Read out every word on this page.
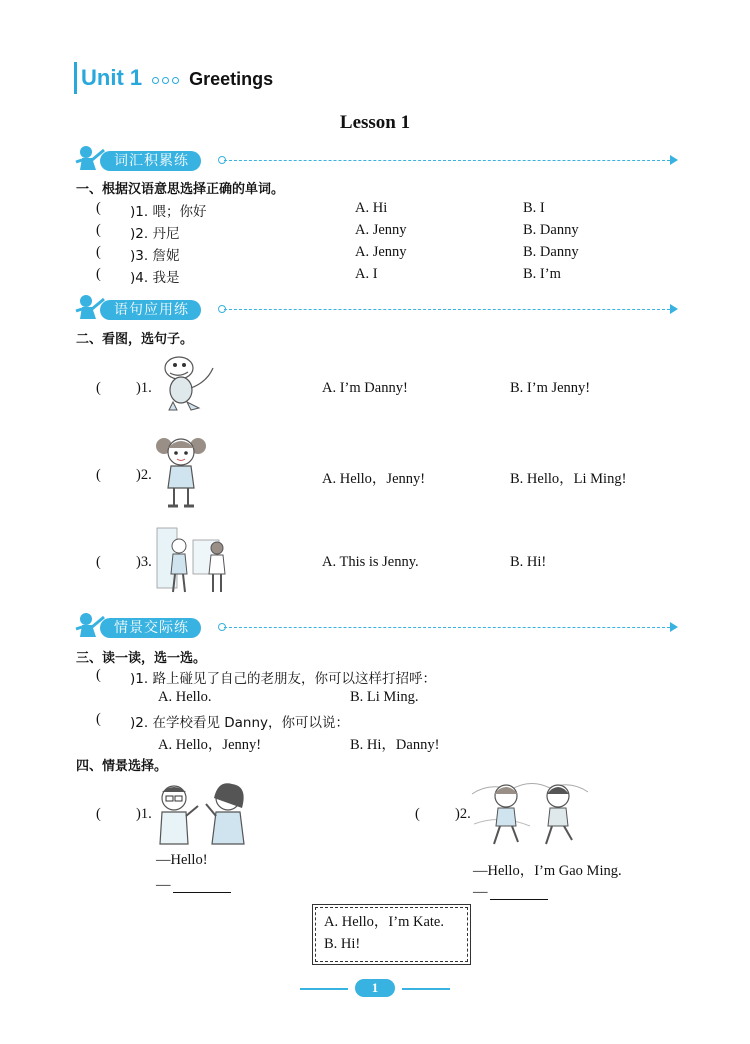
Unit 1	Greetings
Lesson 1
词汇积累练
一、根据汉语意思选择正确的单词。
( )1. 喂；你好	A. Hi	B. I
( )2. 丹尼	A. Jenny	B. Danny
( )3. 詹妮	A. Jenny	B. Danny
( )4. 我是	A. I	B. I’m
语句应用练
二、看图，选句子。
( )1.	A. I’m Danny!	B. I’m Jenny!
( )2.	A. Hello，Jenny!	B. Hello，Li Ming!
( )3.	A. This is Jenny.	B. Hi!
情景交际练
三、读一读，选一选。
( )1. 路上碰见了自己的老朋友，你可以这样打招呼：
A. Hello.	B. Li Ming.
( )2. 在学校看见 Danny，你可以说：
A. Hello，Jenny!	B. Hi，Danny!
四、情景选择。
( )1.
—Hello!
—
( )2.
—Hello，I’m Gao Ming.
—
A. Hello，I’m Kate.
B. Hi!
1
